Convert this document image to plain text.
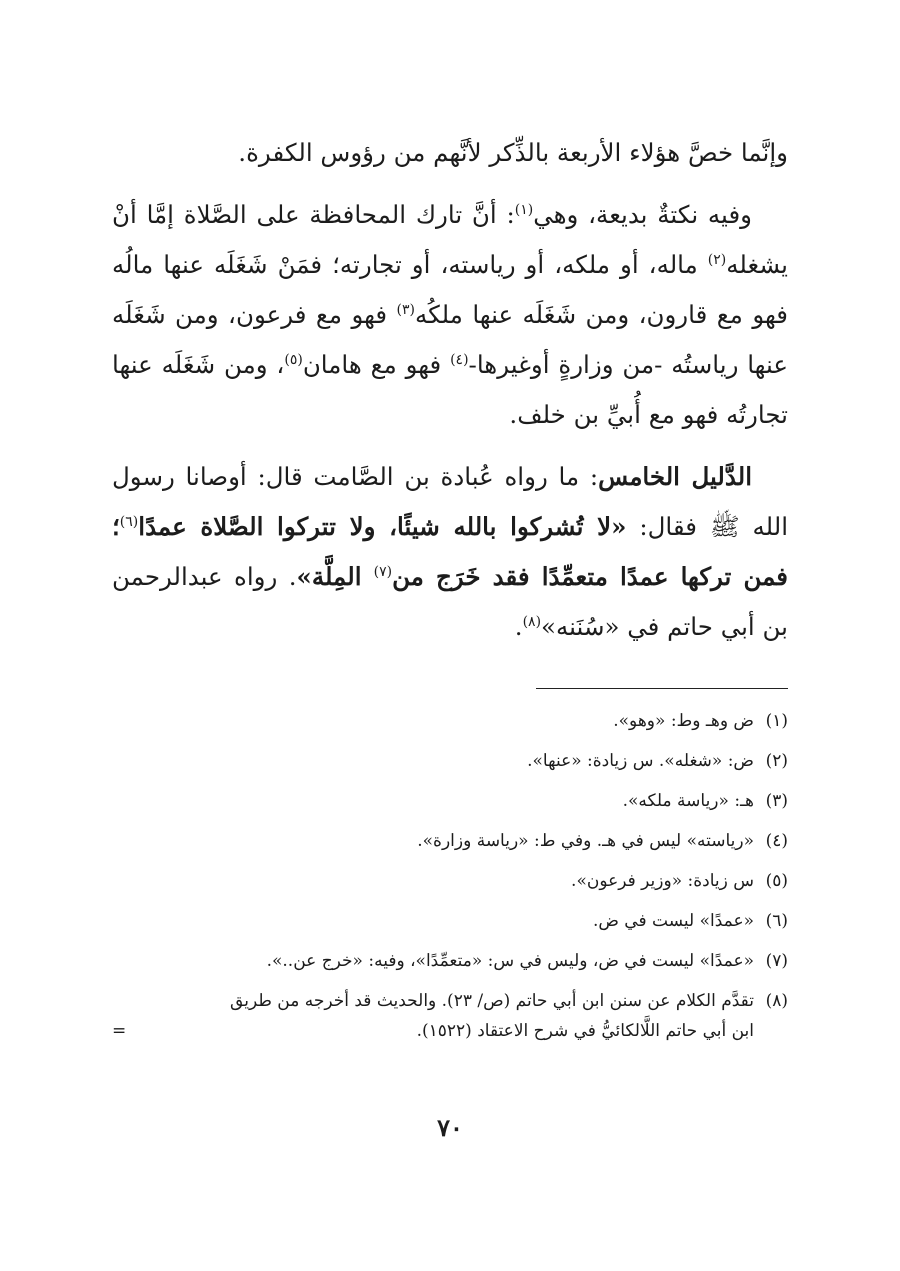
وإنَّما خصَّ هؤلاء الأربعة بالذِّكر لأنَّهم من رؤوس الكفرة.

وفيه نكتةٌ بديعة، وهي$^{(١)}$: أنَّ تارك المحافظة على الصَّلاة إمَّا أنْ يشغله$^{(٢)}$ ماله، أو ملكه، أو رياسته، أو تجارته؛ فمَنْ شَغَلَه عنها مالُه فهو مع قارون، ومن شَغَلَه عنها ملكُه$^{(٣)}$ فهو مع فرعون، ومن شَغَلَه عنها رياستُه -من وزارةٍ أوغيرها-$^{(٤)}$ فهو مع هامان$^{(٥)}$، ومن شَغَلَه عنها تجارتُه فهو مع أُبيِّ بن خلف.

الدَّليل الخامس: ما رواه عُبادة بن الصَّامت قال: أوصانا رسول الله ﷺ فقال: «لا تُشركوا بالله شيئًا، ولا تتركوا الصَّلاة عمدًا$^{(٦)}$؛ فمن تركها عمدًا متعمِّدًا فقد خَرَج من$^{(٧)}$ المِلَّة». رواه عبدالرحمن بن أبي حاتم في «سُنَنه»$^{(٨)}$.

(١)
ض وهـ وط: «وهو».
(٢)
ض: «شغله». س زيادة: «عنها».
(٣)
هـ: «رياسة ملكه».
(٤)
«رياسته» ليس في هـ. وفي ط: «رياسة وزارة».
(٥)
س زيادة: «وزير فرعون».
(٦)
«عمدًا» ليست في ض.
(٧)
«عمدًا» ليست في ض، وليس في س: «متعمِّدًا»، وفيه: «خرج عن..».
(٨)
تقدَّم الكلام عن سنن ابن أبي حاتم (ص/ ٢٣). والحديث قد أخرجه من طريق
ابن أبي حاتم اللَّالكائيُّ في شرح الاعتقاد (١٥٢٢).
=
٧٠
